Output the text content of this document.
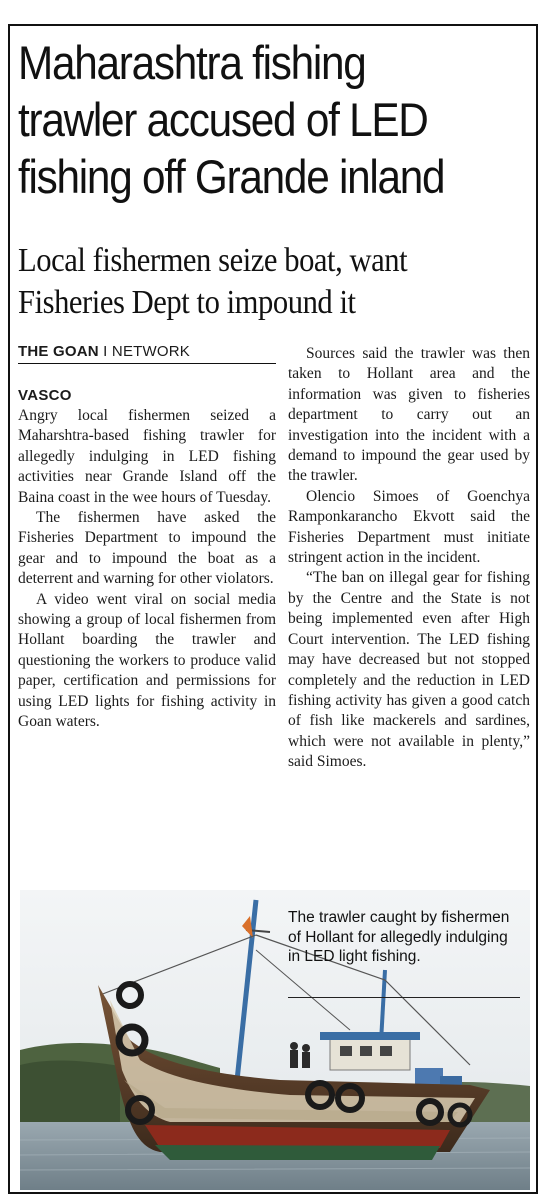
Maharashtra fishing trawler accused of LED fishing off Grande inland
Local fishermen seize boat, want Fisheries Dept to impound it
THE GOAN I NETWORK
VASCO

Angry local fishermen seized a Maharshtra-based fishing trawler for allegedly indulging in LED fishing activities near Grande Island off the Baina coast in the wee hours of Tuesday.

The fishermen have asked the Fisheries Department to impound the gear and to impound the boat as a deterrent and warning for other violators.

A video went viral on social media showing a group of local fishermen from Hollant boarding the trawler and questioning the workers to produce valid paper, certification and permissions for using LED lights for fishing activity in Goan waters.

Sources said the trawler was then taken to Hollant area and the information was given to fisheries department to carry out an investigation into the incident with a demand to impound the gear used by the trawler.

Olencio Simoes of Goenchya Ramponkarancho Ekvott said the Fisheries Department must initiate stringent action in the incident.

“The ban on illegal gear for fishing by the Centre and the State is not being implemented even after High Court intervention. The LED fishing may have decreased but not stopped completely and the reduction in LED fishing activity has given a good catch of fish like mackerels and sardines, which were not available in plenty,” said Simoes.

The trawler caught by fishermen of Hollant for allegedly indulging in LED light fishing.
